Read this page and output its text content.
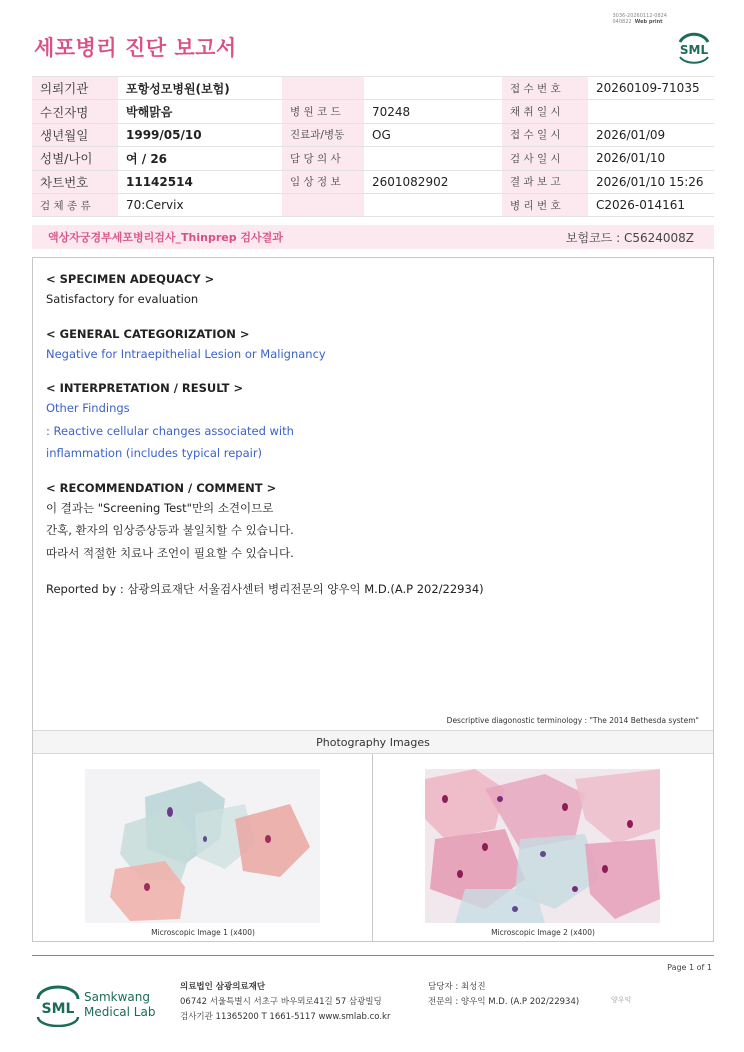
3036-20260112-0824
040822 Web print
SML
세포병리 진단 보고서
의뢰기관	포항성모병원(보험)			접 수 번 호	20260109-71035
수진자명	박해맑음	병 원 코 드	70248	채 취 일 시	
생년월일	1999/05/10	진료과/병동	OG	접 수 일 시	2026/01/09
성별/나이	여 / 26	담 당 의 사		검 사 일 시	2026/01/10
차트번호	11142514	임 상 정 보	2601082902	결 과 보 고	2026/01/10 15:26
검 체 종 류	70:Cervix			병 리 번 호	C2026-014161
액상자궁경부세포병리검사_Thinprep 검사결과	보험코드 : C5624008Z
< SPECIMEN ADEQUACY >
Satisfactory for evaluation
< GENERAL CATEGORIZATION >
Negative for Intraepithelial Lesion or Malignancy
< INTERPRETATION / RESULT >
Other Findings
: Reactive cellular changes associated with
inflammation (includes typical repair)
< RECOMMENDATION / COMMENT >
이 결과는 "Screening Test"만의 소견이므로
간혹, 환자의 임상증상등과 불일치할 수 있습니다.
따라서 적절한 치료나 조언이 필요할 수 있습니다.
Reported by : 삼광의료재단 서울검사센터 병리전문의 양우익 M.D.(A.P 202/22934)
Descriptive diagonostic terminology : "The 2014 Bethesda system"
Photography Images
Microscopic Image 1 (x400)	Microscopic Image 2 (x400)
Page 1 of 1
SML
Samkwang
Medical Lab
의료법인 삼광의료재단
06742 서울특별시 서초구 바우뫼로41길 57 삼광빌딩
검사기관 11365200 T 1661-5117 www.smlab.co.kr
담당자 : 최성진
전문의 : 양우익 M.D. (A.P 202/22934)	양우익
